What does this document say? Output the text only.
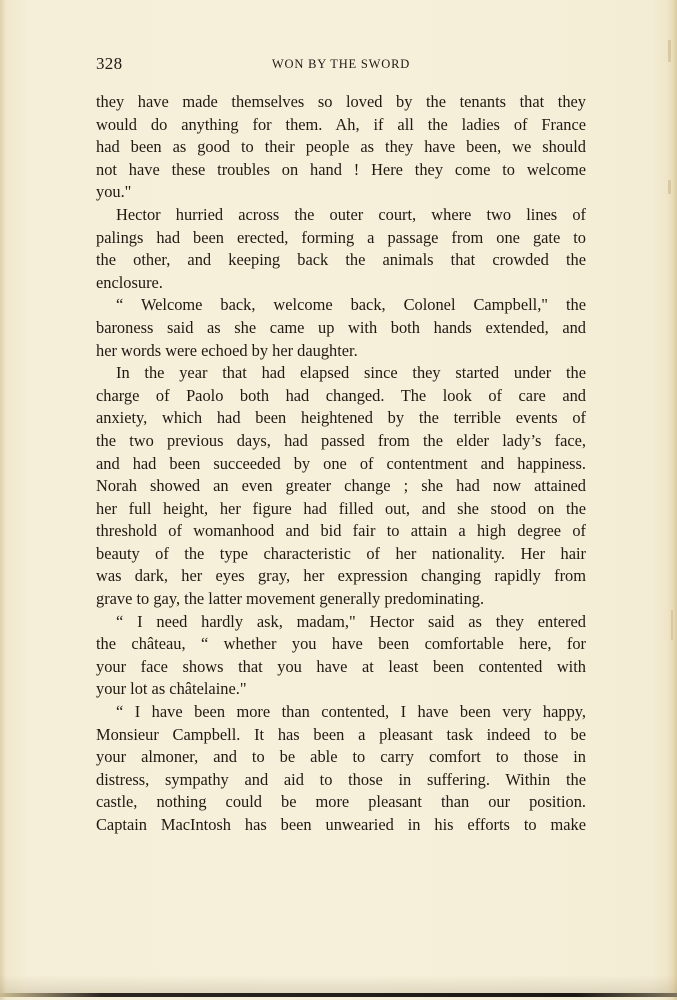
328	WON BY THE SWORD
they have made themselves so loved by the tenants that they
would do anything for them. Ah, if all the ladies of France
had been as good to their people as they have been, we should
not have these troubles on hand ! Here they come to welcome
you."
Hector hurried across the outer court, where two lines of
palings had been erected, forming a passage from one gate to
the other, and keeping back the animals that crowded the
enclosure.
“ Welcome back, welcome back, Colonel Campbell," the
baroness said as she came up with both hands extended, and
her words were echoed by her daughter.
In the year that had elapsed since they started under the
charge of Paolo both had changed. The look of care and
anxiety, which had been heightened by the terrible events of
the two previous days, had passed from the elder lady’s face,
and had been succeeded by one of contentment and happiness.
Norah showed an even greater change ; she had now attained
her full height, her figure had filled out, and she stood on the
threshold of womanhood and bid fair to attain a high degree of
beauty of the type characteristic of her nationality. Her hair
was dark, her eyes gray, her expression changing rapidly from
grave to gay, the latter movement generally predominating.
“ I need hardly ask, madam," Hector said as they entered
the château, “ whether you have been comfortable here, for
your face shows that you have at least been contented with
your lot as châtelaine."
“ I have been more than contented, I have been very happy,
Monsieur Campbell. It has been a pleasant task indeed to be
your almoner, and to be able to carry comfort to those in
distress, sympathy and aid to those in suffering. Within the
castle, nothing could be more pleasant than our position.
Captain MacIntosh has been unwearied in his efforts to make
